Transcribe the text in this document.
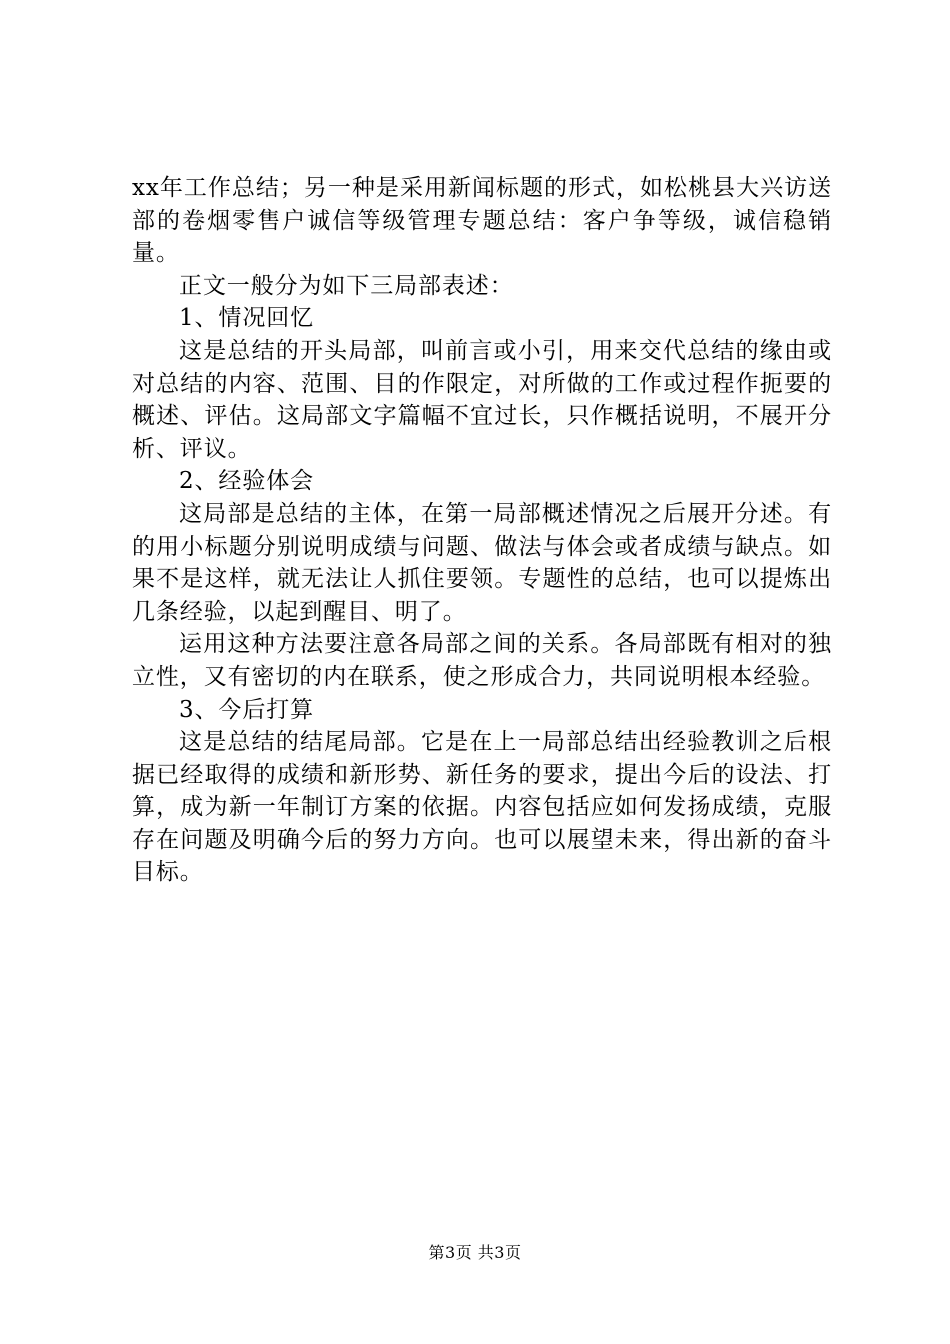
xx年工作总结；另一种是采用新闻标题的形式，如松桃县大兴访送部的卷烟零售户诚信等级管理专题总结：客户争等级，诚信稳销量。

正文一般分为如下三局部表述：

1、情况回忆

这是总结的开头局部，叫前言或小引，用来交代总结的缘由或对总结的内容、范围、目的作限定，对所做的工作或过程作扼要的概述、评估。这局部文字篇幅不宜过长，只作概括说明，不展开分析、评议。

2、经验体会

这局部是总结的主体，在第一局部概述情况之后展开分述。有的用小标题分别说明成绩与问题、做法与体会或者成绩与缺点。如果不是这样，就无法让人抓住要领。专题性的总结，也可以提炼出几条经验，以起到醒目、明了。

运用这种方法要注意各局部之间的关系。各局部既有相对的独立性，又有密切的内在联系，使之形成合力，共同说明根本经验。

3、今后打算

这是总结的结尾局部。它是在上一局部总结出经验教训之后根据已经取得的成绩和新形势、新任务的要求，提出今后的设法、打算，成为新一年制订方案的依据。内容包括应如何发扬成绩，克服存在问题及明确今后的努力方向。也可以展望未来，得出新的奋斗目标。

第3页 共3页
